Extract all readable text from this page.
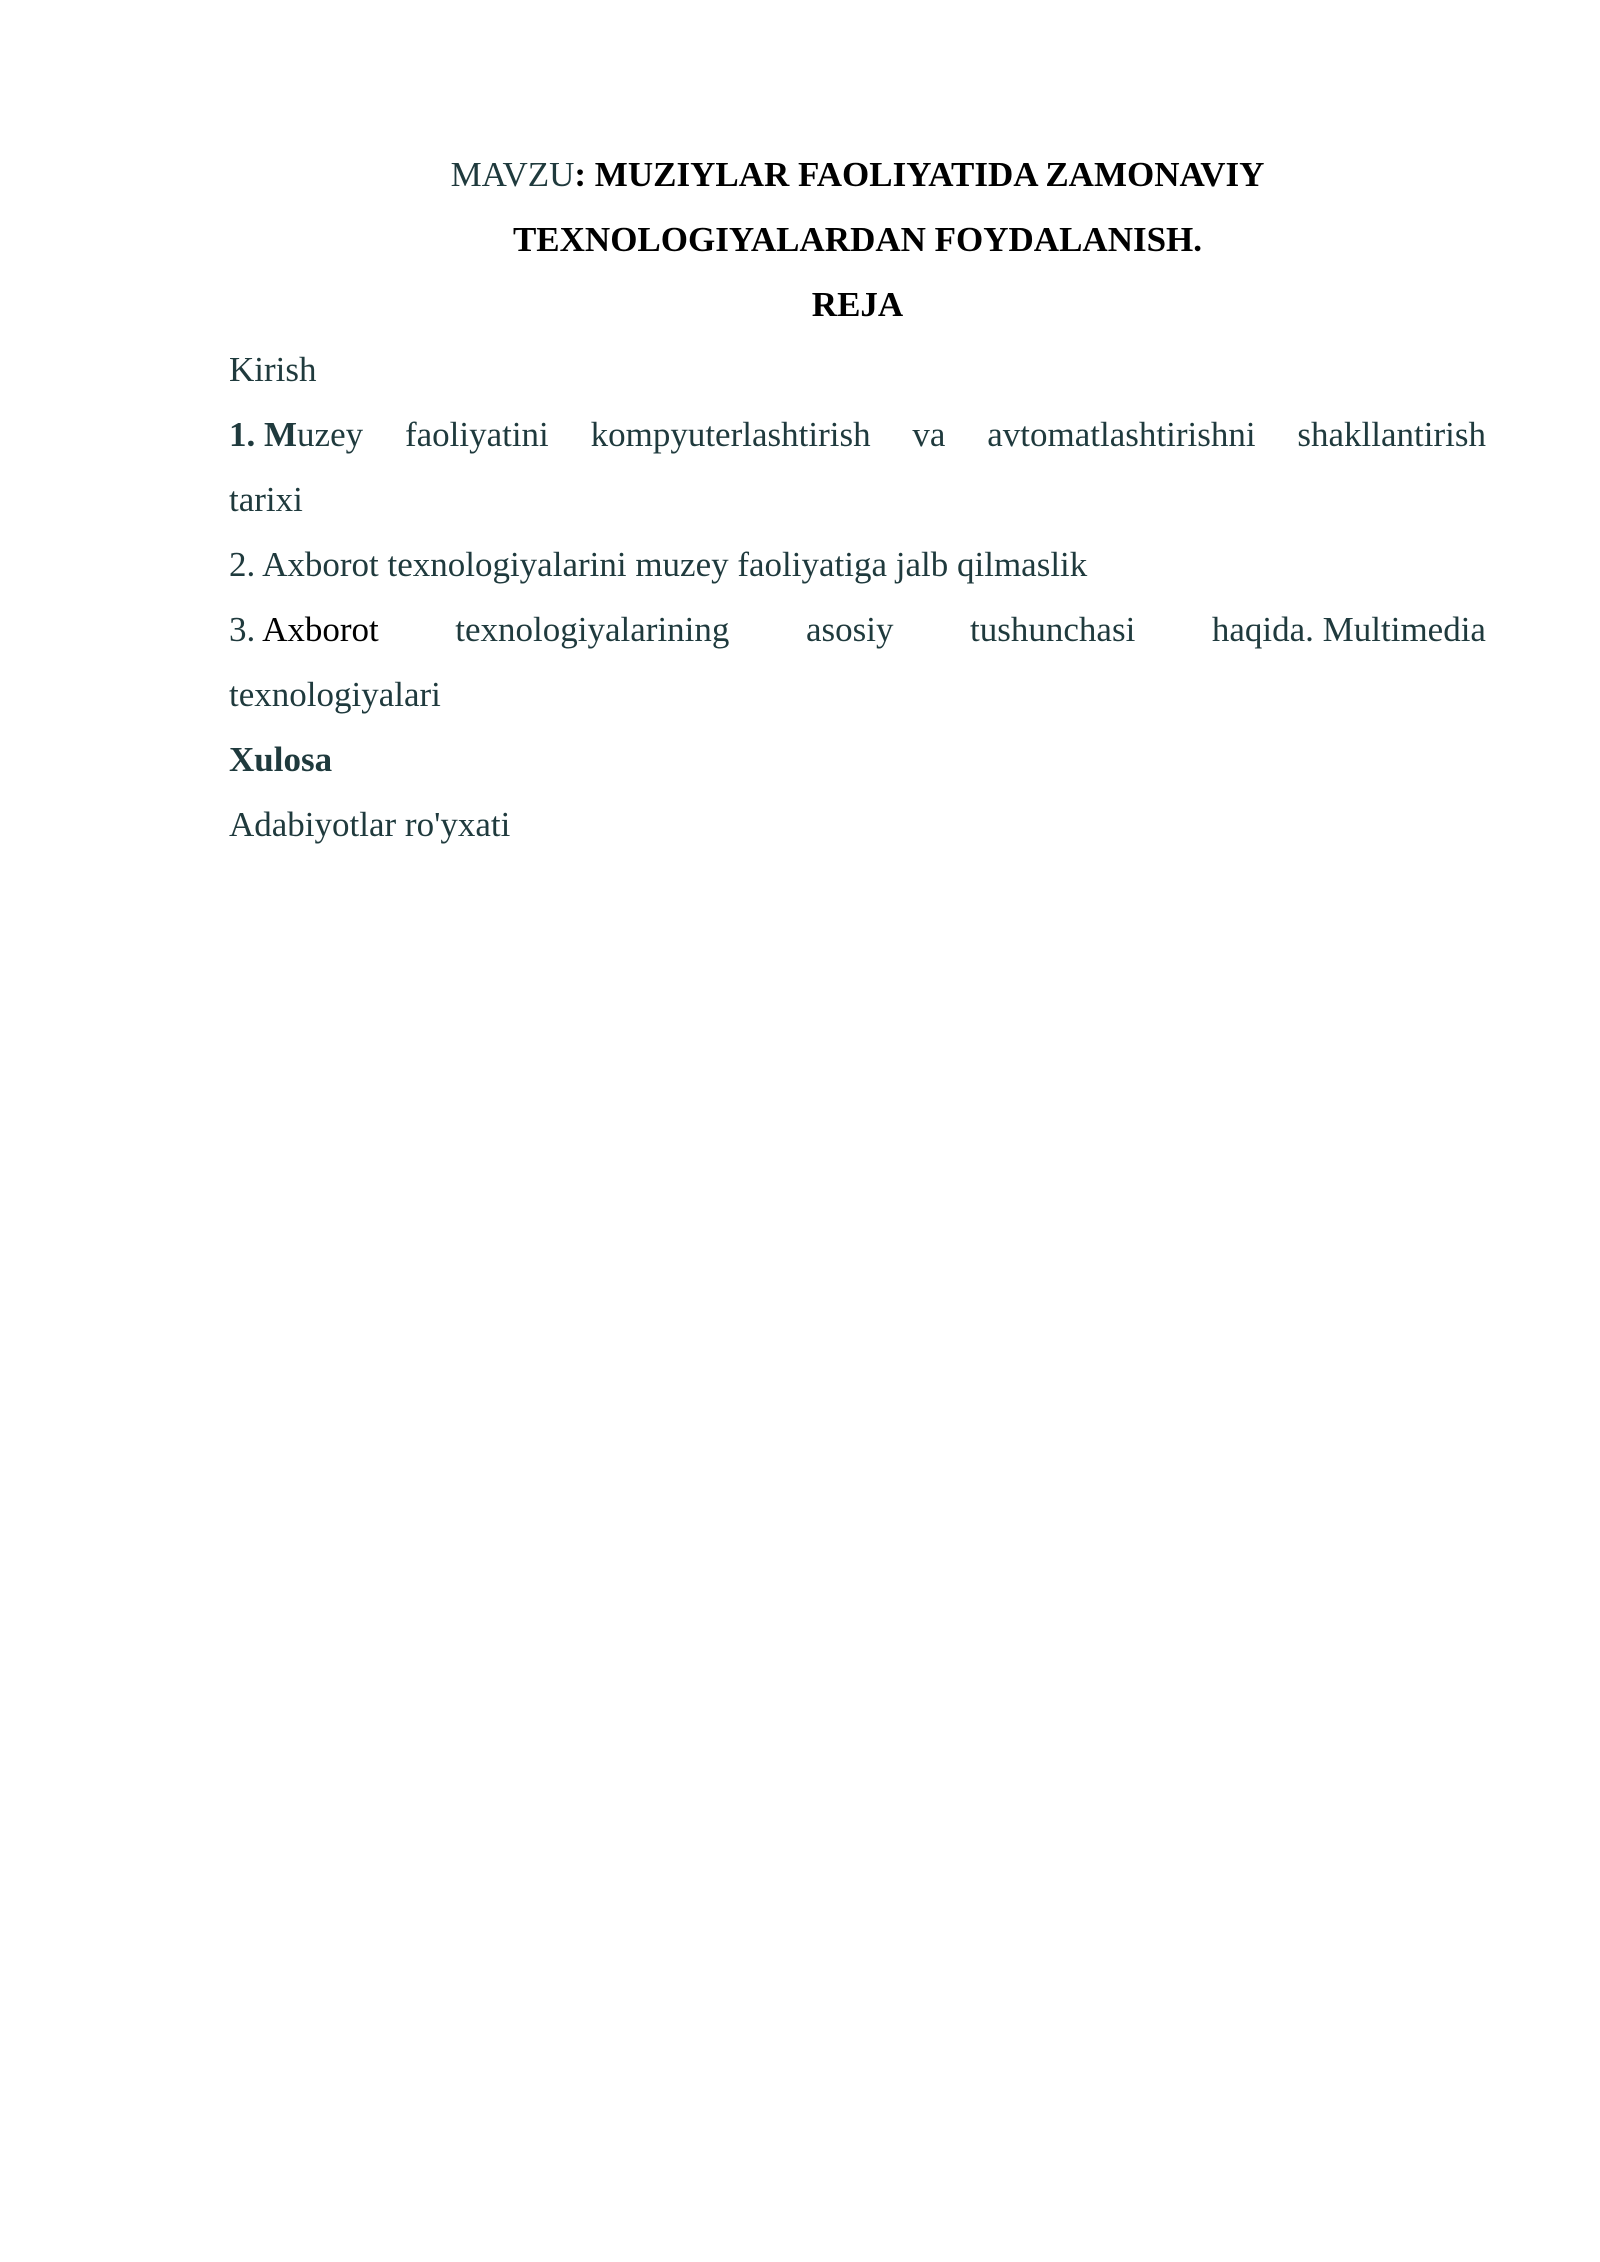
MAVZU: MUZIYLAR FAOLIYATIDA ZAMONAVIY
TEXNOLOGIYALARDAN FOYDALANISH.
REJA
Kirish
1. Muzey faoliyatini kompyuterlashtirish va avtomatlashtirishni shakllantirish
tarixi
2. Axborot texnologiyalarini muzey faoliyatiga jalb qilmaslik
3. Axborot texnologiyalarining asosiy tushunchasi haqida. Multimedia
texnologiyalari
Xulosa
Adabiyotlar ro'yxati
